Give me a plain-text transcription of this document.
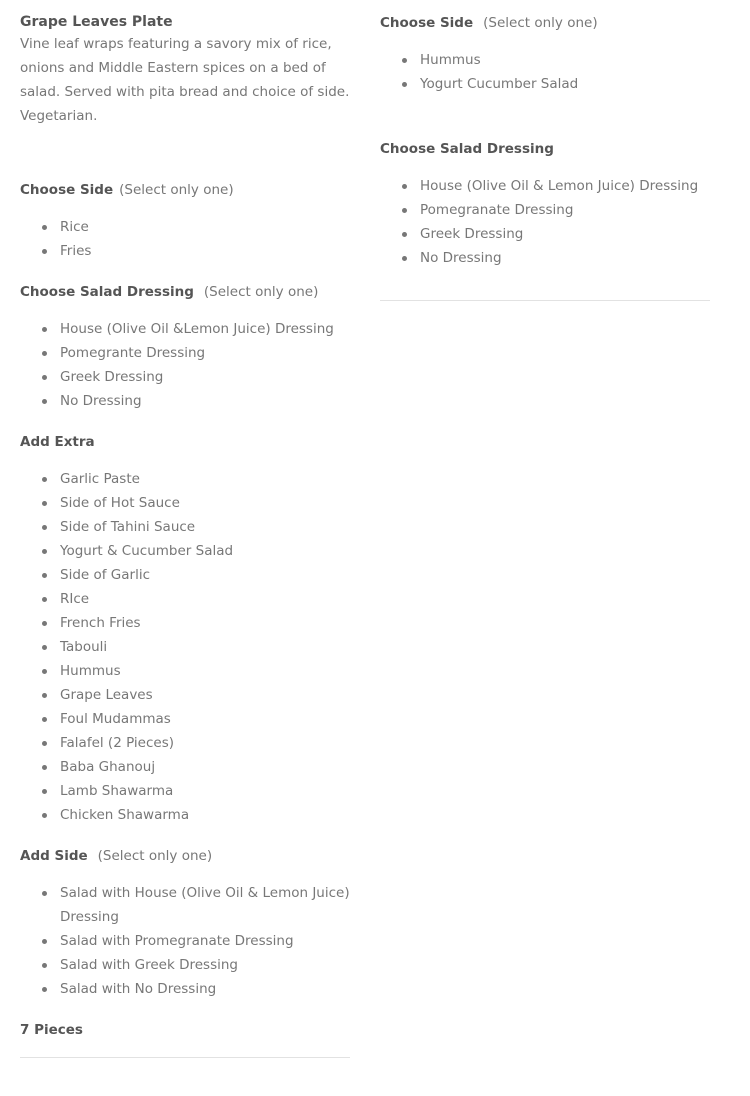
Grape Leaves Plate
Vine leaf wraps featuring a savory mix of rice, onions and Middle Eastern spices on a bed of salad. Served with pita bread and choice of side. Vegetarian.
Choose Side (Select only one)
Rice
Fries
Choose Salad Dressing (Select only one)
House (Olive Oil &Lemon Juice) Dressing
Pomegrante Dressing
Greek Dressing
No Dressing
Add Extra
Garlic Paste
Side of Hot Sauce
Side of Tahini Sauce
Yogurt & Cucumber Salad
Side of Garlic
RIce
French Fries
Tabouli
Hummus
Grape Leaves
Foul Mudammas
Falafel (2 Pieces)
Baba Ghanouj
Lamb Shawarma
Chicken Shawarma
Add Side (Select only one)
Salad with House (Olive Oil & Lemon Juice) Dressing
Salad with Promegranate Dressing
Salad with Greek Dressing
Salad with No Dressing
7 Pieces
Choose Side (Select only one)
Hummus
Yogurt Cucumber Salad
Choose Salad Dressing
House (Olive Oil & Lemon Juice) Dressing
Pomegranate Dressing
Greek Dressing
No Dressing
